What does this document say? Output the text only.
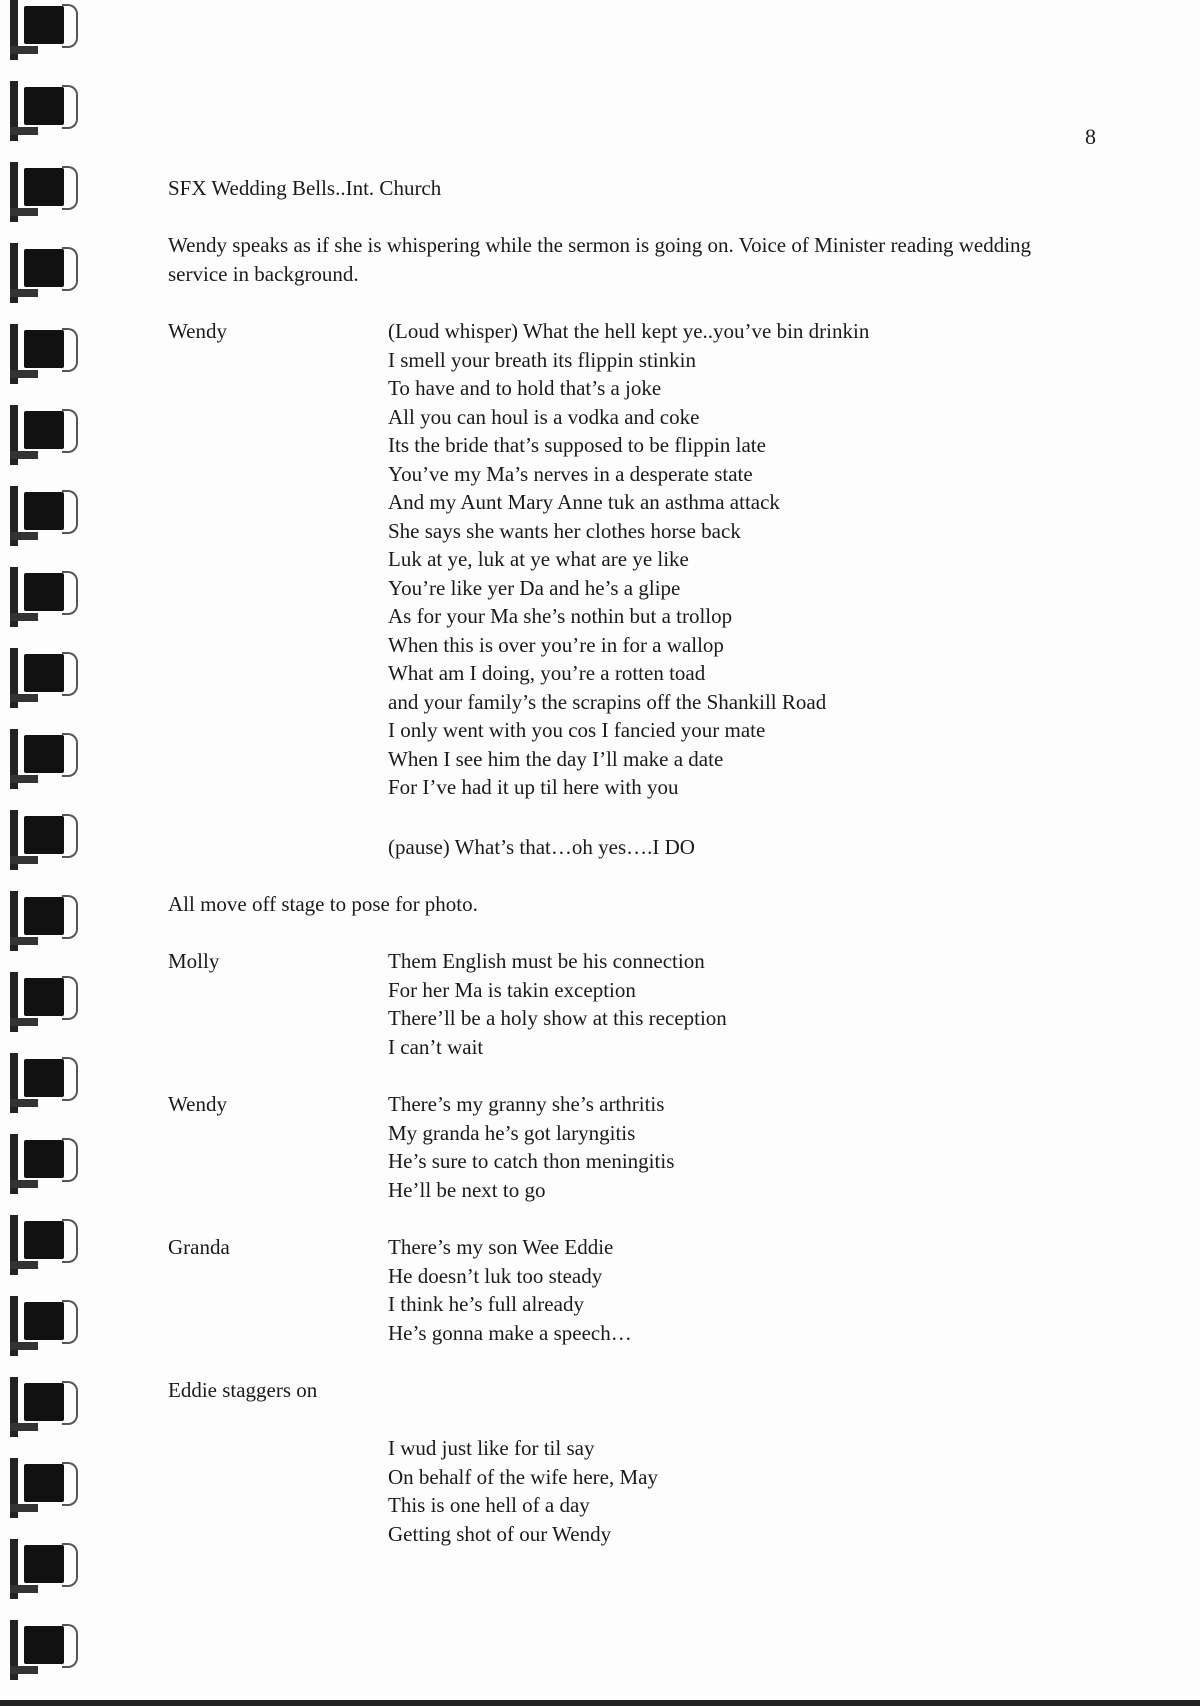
8
SFX Wedding Bells..Int. Church
Wendy speaks as if she is whispering while the sermon is going on. Voice of Minister reading wedding service in background.
Wendy	(Loud whisper) What the hell kept ye..you’ve bin drinkin
I smell your breath its flippin stinkin
To have and to hold that’s a joke
All you can houl is a vodka and coke
Its the bride that’s supposed to be flippin late
You’ve my Ma’s nerves in a desperate state
And my Aunt Mary Anne tuk an asthma attack
She says she wants her clothes horse back
Luk at ye, luk at ye what are ye like
You’re like yer Da and he’s a glipe
As for your Ma she’s nothin but a trollop
When this is over you’re in for a wallop
What am I doing, you’re a rotten toad
and your family’s the scrapins off the Shankill Road
I only went with you cos I fancied your mate
When I see him the day I’ll make a date
For I’ve had it up til here with you
(pause) What’s that…oh yes….I DO
All move off stage to pose for photo.
Molly	Them English must be his connection
For her Ma is takin exception
There’ll be a holy show at this reception
I can’t wait
Wendy	There’s my granny she’s arthritis
My granda he’s got laryngitis
He’s sure to catch thon meningitis
He’ll be next to go
Granda	There’s my son Wee Eddie
He doesn’t luk too steady
I think he’s full already
He’s gonna make a speech…
Eddie staggers on
I wud just like for til say
On behalf of the wife here, May
This is one hell of a day
Getting shot of our Wendy
